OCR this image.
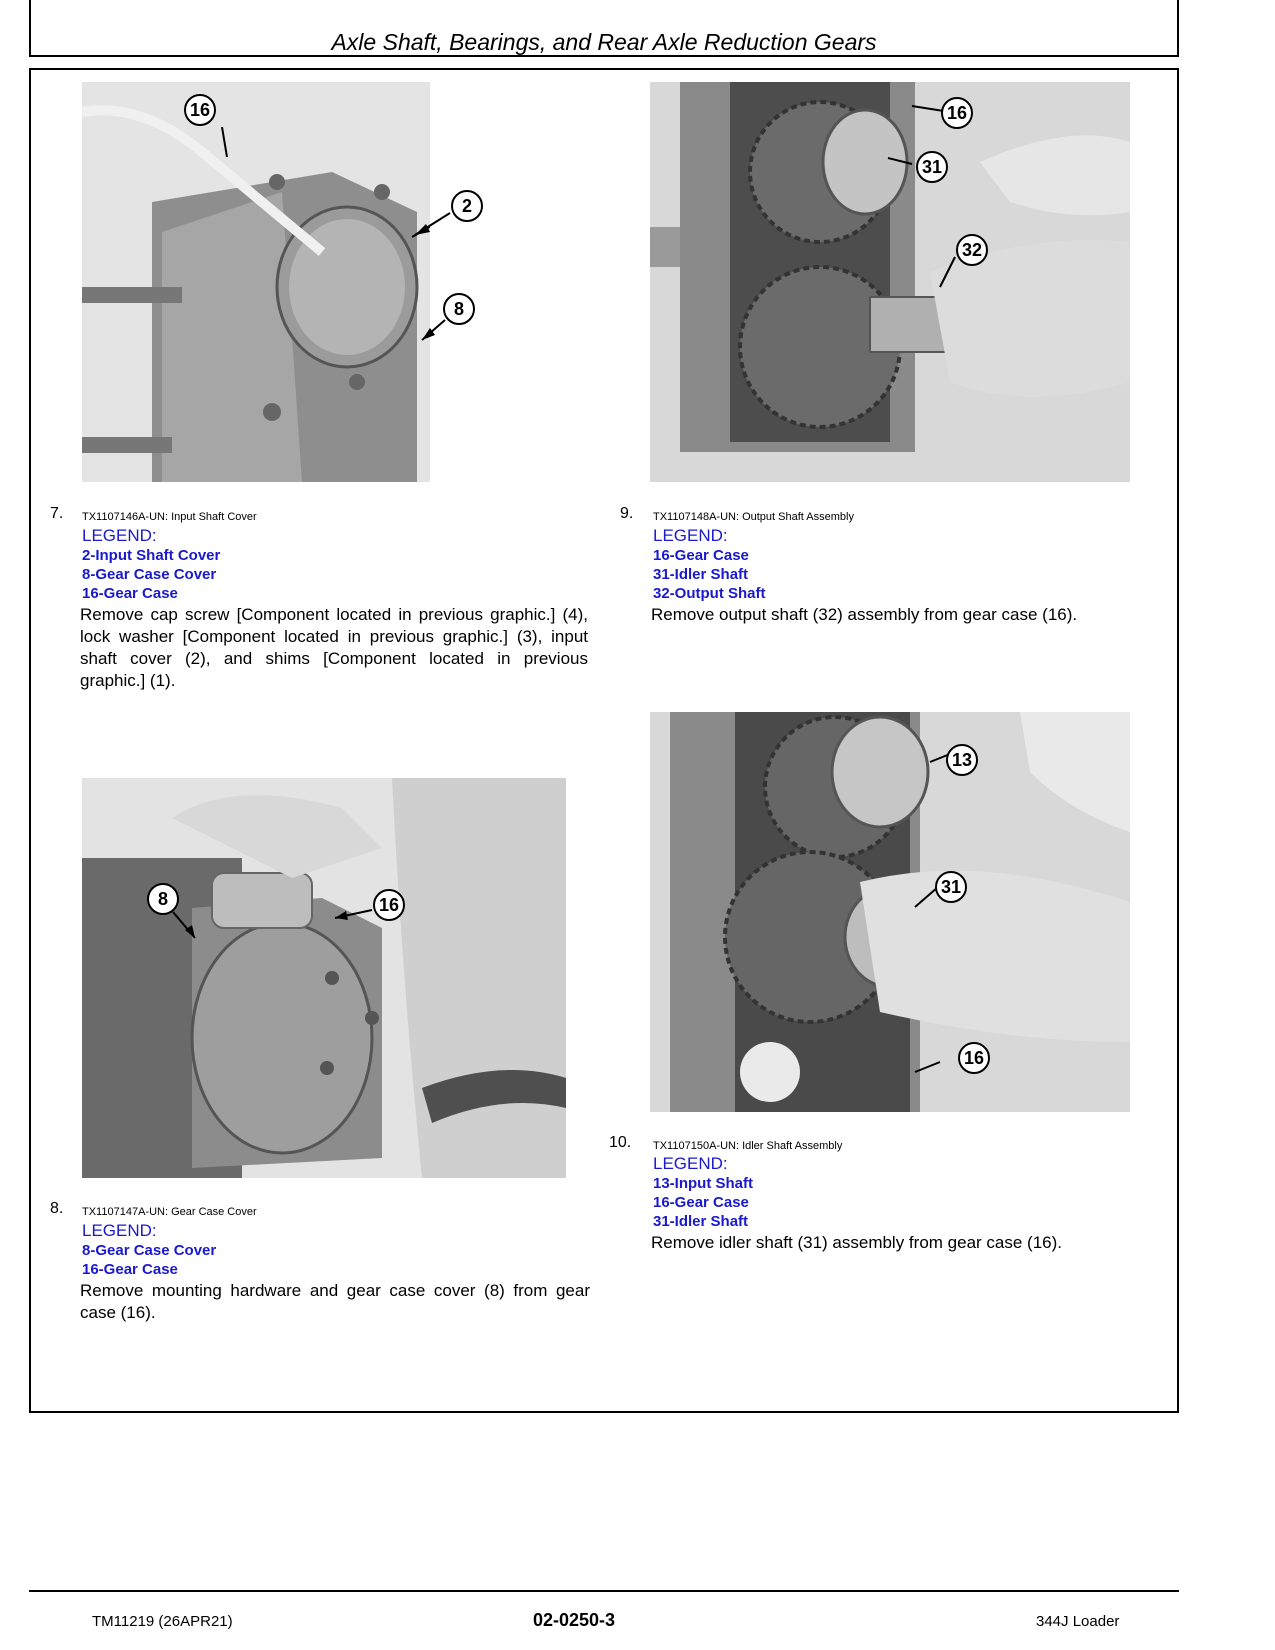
Axle Shaft, Bearings, and Rear Axle Reduction Gears
16
2
8
7. TX1107146A-UN: Input Shaft Cover
LEGEND:
2-Input Shaft Cover
8-Gear Case Cover
16-Gear Case
Remove cap screw [Component located in previous graphic.] (4), lock washer [Component located in previous graphic.] (3), input shaft cover (2), and shims [Component located in previous graphic.] (1).
16
31
32
9. TX1107148A-UN: Output Shaft Assembly
LEGEND:
16-Gear Case
31-Idler Shaft
32-Output Shaft
Remove output shaft (32) assembly from gear case (16).
8	16
8. TX1107147A-UN: Gear Case Cover
LEGEND:
8-Gear Case Cover
16-Gear Case
Remove mounting hardware and gear case cover (8) from gear case (16).
13
31
16
10. TX1107150A-UN: Idler Shaft Assembly
LEGEND:
13-Input Shaft
16-Gear Case
31-Idler Shaft
Remove idler shaft (31) assembly from gear case (16).
TM11219 (26APR21)	02-0250-3	344J Loader
